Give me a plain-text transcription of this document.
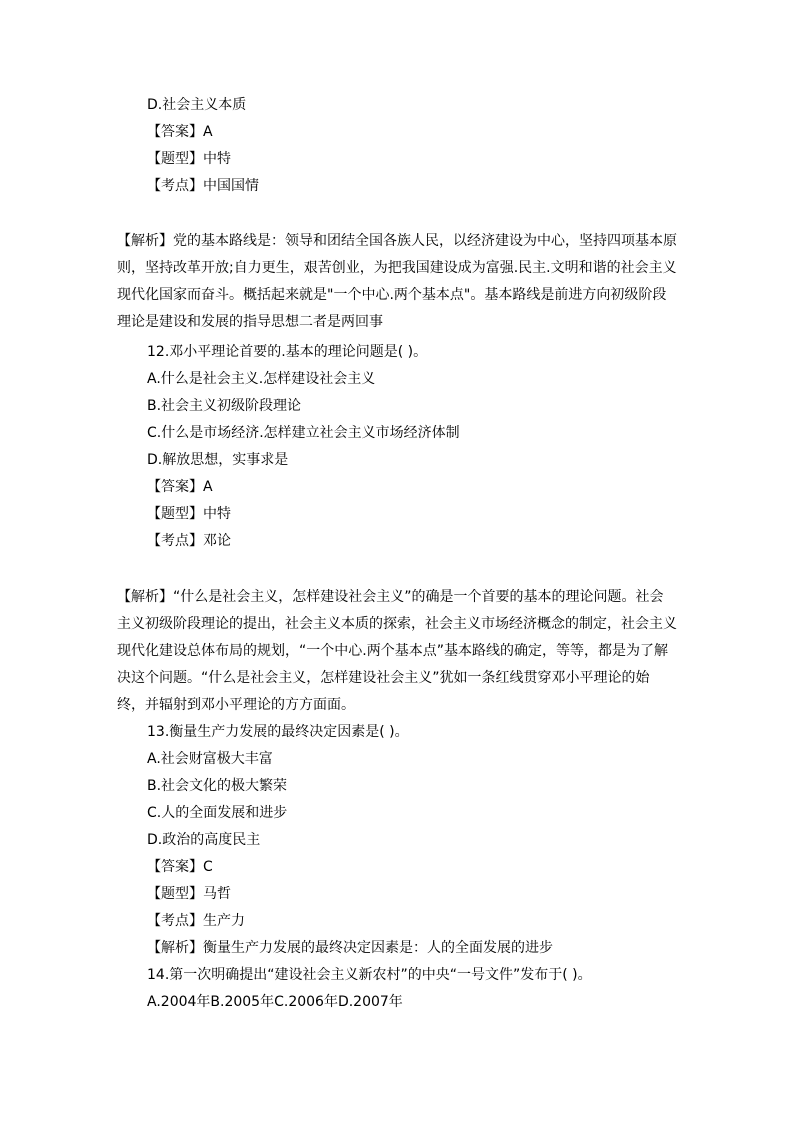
D.社会主义本质
【答案】A
【题型】中特
【考点】中国国情
【解析】党的基本路线是：领导和团结全国各族人民，以经济建设为中心，坚持四项基本原则，坚持改革开放;自力更生，艰苦创业，为把我国建设成为富强.民主.文明和谐的社会主义现代化国家而奋斗。概括起来就是"一个中心.两个基本点"。基本路线是前进方向初级阶段理论是建设和发展的指导思想二者是两回事
12.邓小平理论首要的.基本的理论问题是( )。
A.什么是社会主义.怎样建设社会主义
B.社会主义初级阶段理论
C.什么是市场经济.怎样建立社会主义市场经济体制
D.解放思想，实事求是
【答案】A
【题型】中特
【考点】邓论
【解析】“什么是社会主义，怎样建设社会主义”的确是一个首要的基本的理论问题。社会主义初级阶段理论的提出，社会主义本质的探索，社会主义市场经济概念的制定，社会主义现代化建设总体布局的规划，“一个中心.两个基本点”基本路线的确定，等等，都是为了解决这个问题。“什么是社会主义，怎样建设社会主义”犹如一条红线贯穿邓小平理论的始终，并辐射到邓小平理论的方方面面。
13.衡量生产力发展的最终决定因素是( )。
A.社会财富极大丰富
B.社会文化的极大繁荣
C.人的全面发展和进步
D.政治的高度民主
【答案】C
【题型】马哲
【考点】生产力
【解析】衡量生产力发展的最终决定因素是：人的全面发展的进步
14.第一次明确提出“建设社会主义新农村”的中央“一号文件”发布于( )。
A.2004年B.2005年C.2006年D.2007年
